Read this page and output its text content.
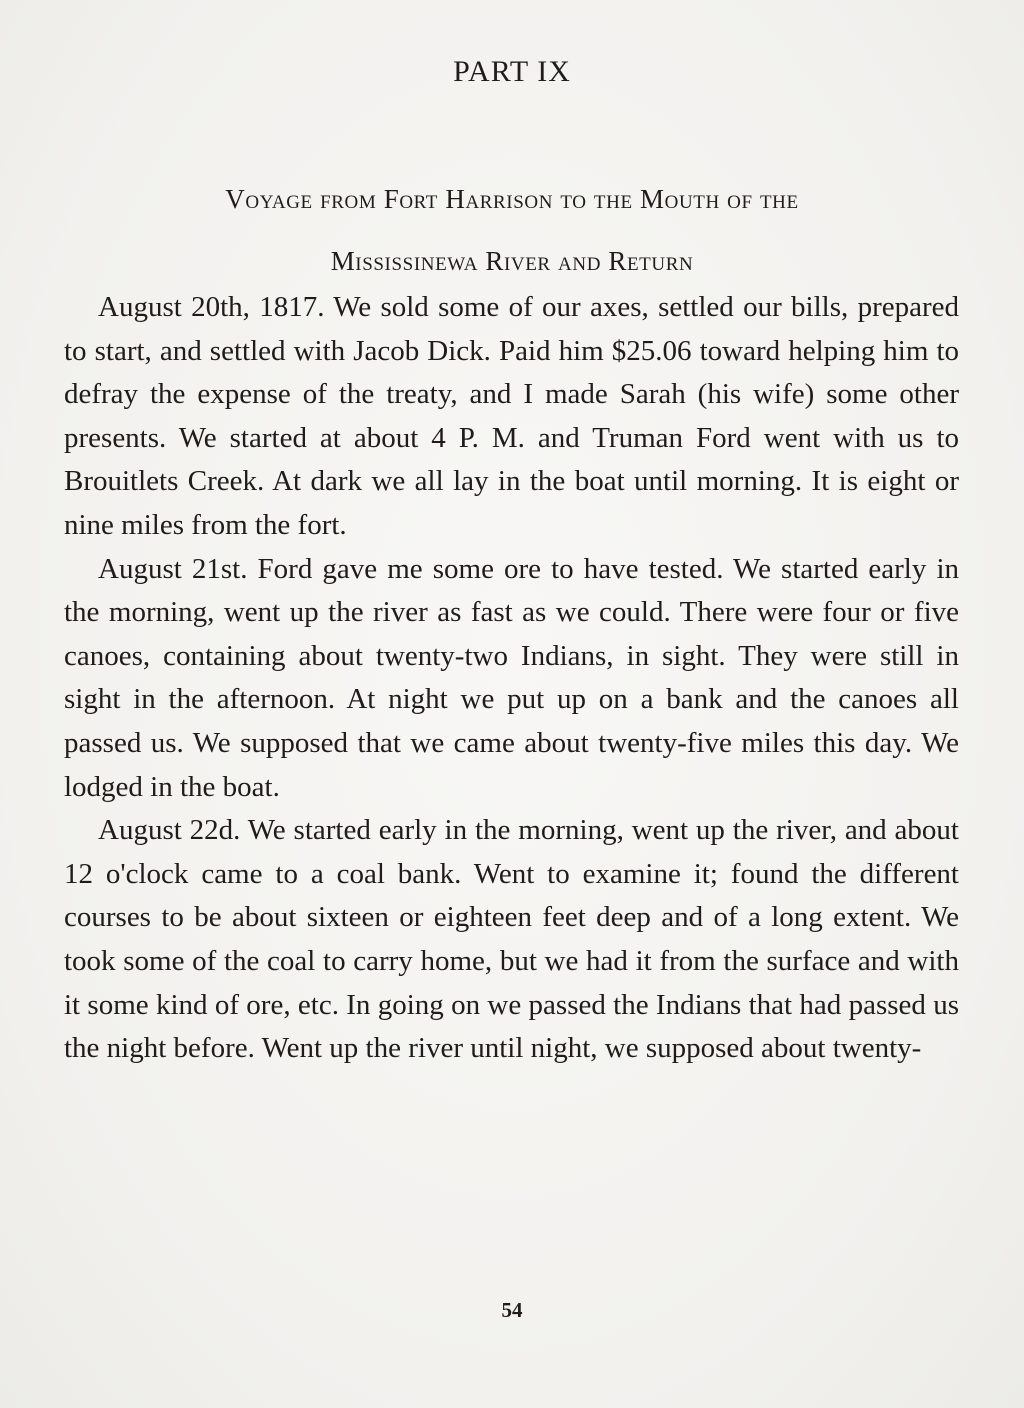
PART IX
Voyage from Fort Harrison to the Mouth of the
Mississinewa River and Return

August 20th, 1817. We sold some of our axes, settled our bills, prepared to start, and settled with Jacob Dick. Paid him $25.06 toward helping him to defray the expense of the treaty, and I made Sarah (his wife) some other presents. We started at about 4 P. M. and Truman Ford went with us to Brouitlets Creek. At dark we all lay in the boat until morning. It is eight or nine miles from the fort.

August 21st. Ford gave me some ore to have tested. We started early in the morning, went up the river as fast as we could. There were four or five canoes, containing about twenty-two Indians, in sight. They were still in sight in the afternoon. At night we put up on a bank and the canoes all passed us. We supposed that we came about twenty-five miles this day. We lodged in the boat.

August 22d. We started early in the morning, went up the river, and about 12 o'clock came to a coal bank. Went to examine it; found the different courses to be about sixteen or eighteen feet deep and of a long extent. We took some of the coal to carry home, but we had it from the surface and with it some kind of ore, etc. In going on we passed the Indians that had passed us the night before. Went up the river until night, we supposed about twenty-

54
